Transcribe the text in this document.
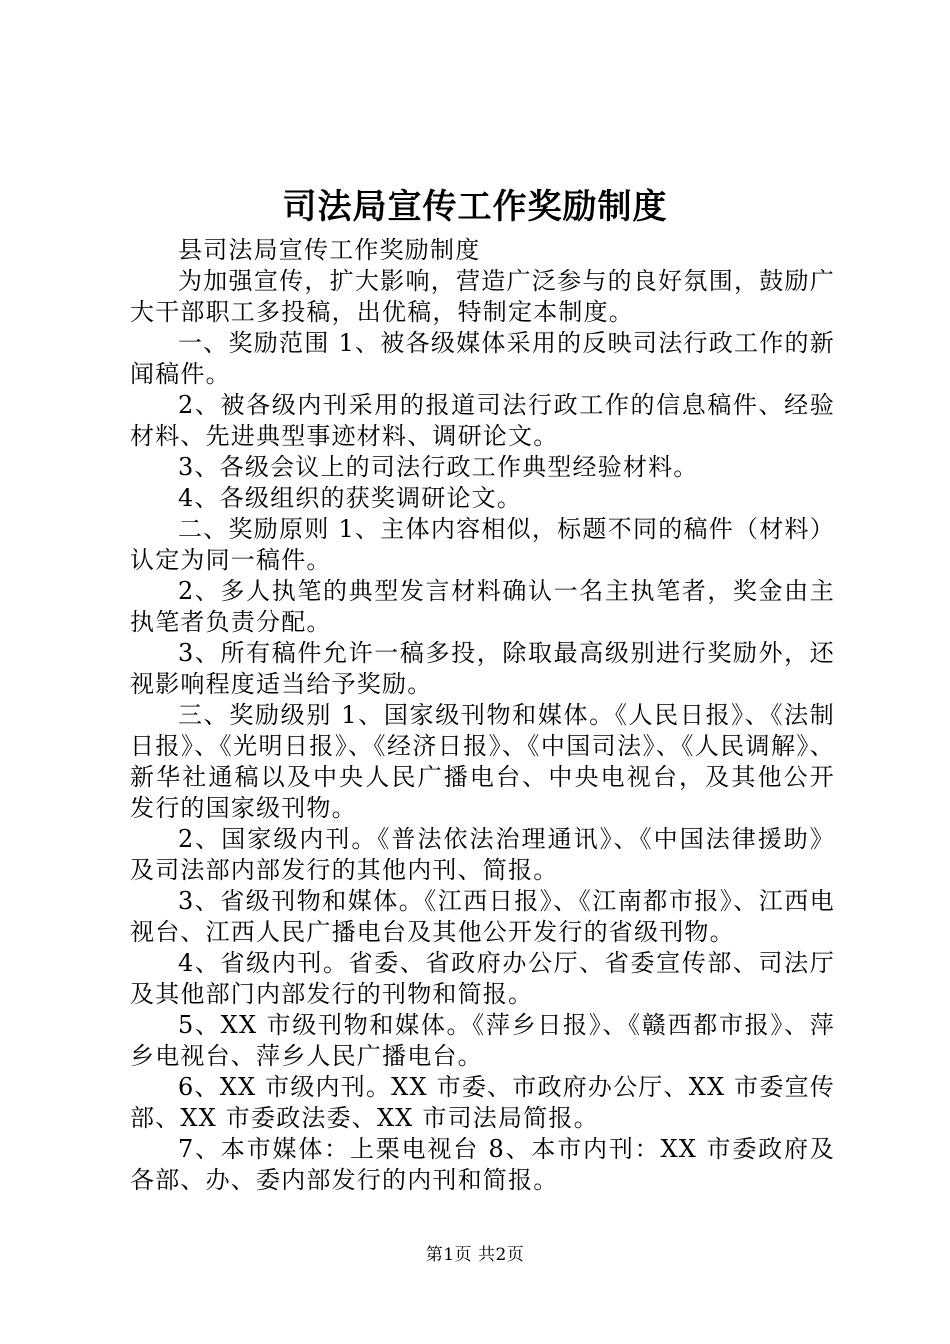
司法局宣传工作奖励制度

县司法局宣传工作奖励制度

为加强宣传，扩大影响，营造广泛参与的良好氛围，鼓励广大干部职工多投稿，出优稿，特制定本制度。

一、奖励范围 1、被各级媒体采用的反映司法行政工作的新闻稿件。

2、被各级内刊采用的报道司法行政工作的信息稿件、经验材料、先进典型事迹材料、调研论文。

3、各级会议上的司法行政工作典型经验材料。

4、各级组织的获奖调研论文。

二、奖励原则 1、主体内容相似，标题不同的稿件（材料）认定为同一稿件。

2、多人执笔的典型发言材料确认一名主执笔者，奖金由主执笔者负责分配。

3、所有稿件允许一稿多投，除取最高级别进行奖励外，还视影响程度适当给予奖励。

三、奖励级别 1、国家级刊物和媒体。《人民日报》、《法制日报》、《光明日报》、《经济日报》、《中国司法》、《人民调解》、新华社通稿以及中央人民广播电台、中央电视台，及其他公开发行的国家级刊物。

2、国家级内刊。《普法依法治理通讯》、《中国法律援助》及司法部内部发行的其他内刊、简报。

3、省级刊物和媒体。《江西日报》、《江南都市报》、江西电视台、江西人民广播电台及其他公开发行的省级刊物。

4、省级内刊。省委、省政府办公厅、省委宣传部、司法厅及其他部门内部发行的刊物和简报。

5、XX 市级刊物和媒体。《萍乡日报》、《赣西都市报》、萍乡电视台、萍乡人民广播电台。

6、XX 市级内刊。XX 市委、市政府办公厅、XX 市委宣传部、XX 市委政法委、XX 市司法局简报。

7、本市媒体：上栗电视台 8、本市内刊：XX 市委政府及各部、办、委内部发行的内刊和简报。

第1页 共2页
